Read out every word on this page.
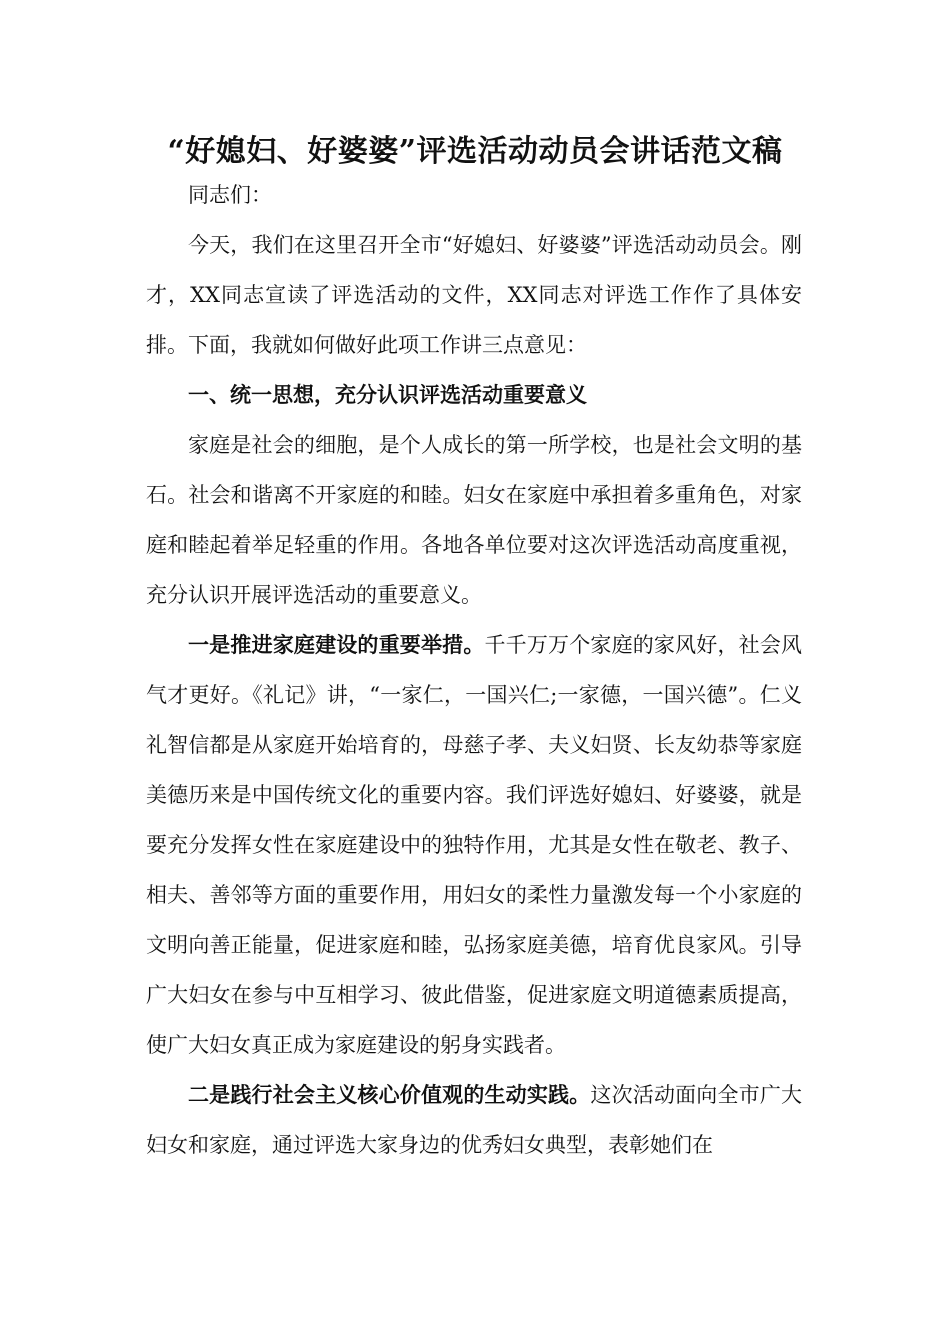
“好媳妇、好婆婆”评选活动动员会讲话范文稿

同志们：

今天，我们在这里召开全市“好媳妇、好婆婆”评选活动动员会。刚才，XX同志宣读了评选活动的文件，XX同志对评选工作作了具体安排。下面，我就如何做好此项工作讲三点意见：

一、统一思想，充分认识评选活动重要意义

家庭是社会的细胞，是个人成长的第一所学校，也是社会文明的基石。社会和谐离不开家庭的和睦。妇女在家庭中承担着多重角色，对家庭和睦起着举足轻重的作用。各地各单位要对这次评选活动高度重视，充分认识开展评选活动的重要意义。

一是推进家庭建设的重要举措。千千万万个家庭的家风好，社会风气才更好。《礼记》讲，“一家仁，一国兴仁;一家德，一国兴德”。仁义礼智信都是从家庭开始培育的，母慈子孝、夫义妇贤、长友幼恭等家庭美德历来是中国传统文化的重要内容。我们评选好媳妇、好婆婆，就是要充分发挥女性在家庭建设中的独特作用，尤其是女性在敬老、教子、相夫、善邻等方面的重要作用，用妇女的柔性力量激发每一个小家庭的文明向善正能量，促进家庭和睦，弘扬家庭美德，培育优良家风。引导广大妇女在参与中互相学习、彼此借鉴，促进家庭文明道德素质提高，使广大妇女真正成为家庭建设的躬身实践者。

二是践行社会主义核心价值观的生动实践。这次活动面向全市广大妇女和家庭，通过评选大家身边的优秀妇女典型，表彰她们在
